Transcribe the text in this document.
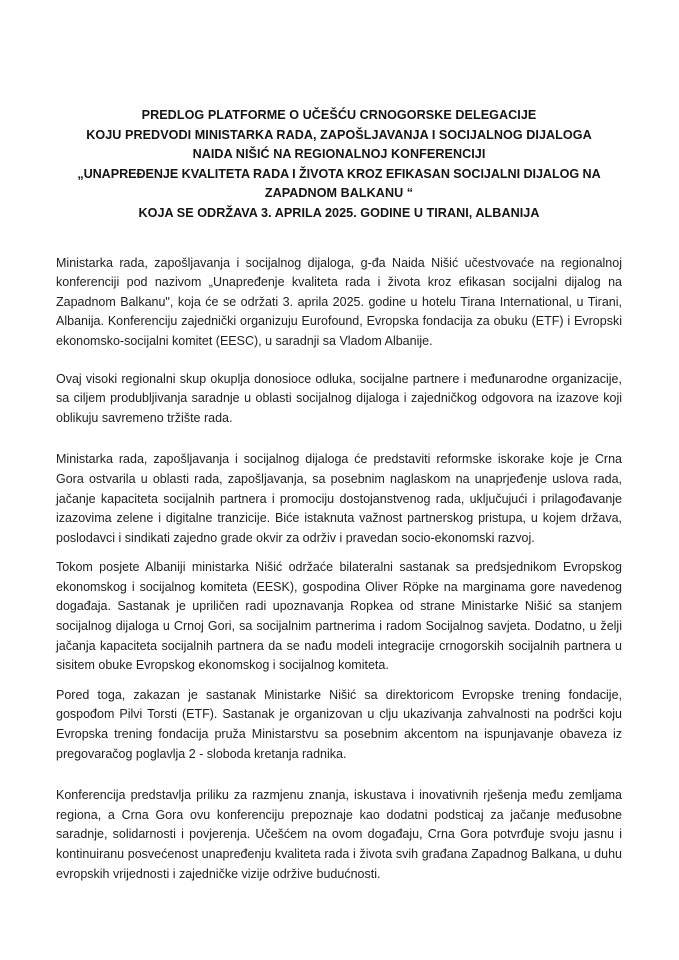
PREDLOG PLATFORME O UČEŠĆU CRNOGORSKE DELEGACIJE
KOJU PREDVODI MINISTARKA RADA, ZAPOŠLJAVANJA I SOCIJALNOG DIJALOGA
NAIDA NIŠIĆ NA REGIONALNOJ KONFERENCIJI
„UNAPREĐENJE KVALITETA RADA I ŽIVOTA KROZ EFIKASAN SOCIJALNI DIJALOG NA
ZAPADNOM BALKANU “
KOJA SE ODRŽAVA 3. APRILA 2025. GODINE U TIRANI, ALBANIJA

Ministarka rada, zapošljavanja i socijalnog dijaloga, g-đa Naida Nišić učestvovaće na regionalnoj konferenciji pod nazivom „Unapređenje kvaliteta rada i života kroz efikasan socijalni dijalog na Zapadnom Balkanu", koja će se održati 3. aprila 2025. godine u hotelu Tirana International, u Tirani, Albanija. Konferenciju zajednički organizuju Eurofound, Evropska fondacija za obuku (ETF) i Evropski ekonomsko-socijalni komitet (EESC), u saradnji sa Vladom Albanije.

Ovaj visoki regionalni skup okuplja donosioce odluka, socijalne partnere i međunarodne organizacije, sa ciljem produbljivanja saradnje u oblasti socijalnog dijaloga i zajedničkog odgovora na izazove koji oblikuju savremeno tržište rada.

Ministarka rada, zapošljavanja i socijalnog dijaloga će predstaviti reformske iskorake koje je Crna Gora ostvarila u oblasti rada, zapošljavanja, sa posebnim naglaskom na unaprjeđenje uslova rada, jačanje kapaciteta socijalnih partnera i promociju dostojanstvenog rada, uključujući i prilagođavanje izazovima zelene i digitalne tranzicije. Biće istaknuta važnost partnerskog pristupa, u kojem država, poslodavci i sindikati zajedno grade okvir za održiv i pravedan socio-ekonomski razvoj.

Tokom posjete Albaniji ministarka Nišić održaće bilateralni sastanak sa predsjednikom Evropskog ekonomskog i socijalnog komiteta (EESK), gospodina Oliver Röpke na marginama gore navedenog događaja. Sastanak je upriličen radi upoznavanja Ropkea od strane Ministarke Nišić sa stanjem socijalnog dijaloga u Crnoj Gori, sa socijalnim partnerima i radom Socijalnog savjeta. Dodatno, u želji jačanja kapaciteta socijalnih partnera da se nađu modeli integracije crnogorskih socijalnih partnera u sisitem obuke Evropskog ekonomskog i socijalnog komiteta.

Pored toga, zakazan je sastanak Ministarke Nišić sa direktoricom Evropske trening fondacije, gospođom Pilvi Torsti (ETF). Sastanak je organizovan u clju ukazivanja zahvalnosti na podršci koju Evropska trening fondacija pruža Ministarstvu sa posebnim akcentom na ispunjavanje obaveza iz pregovaračog poglavlja 2 - sloboda kretanja radnika.

Konferencija predstavlja priliku za razmjenu znanja, iskustava i inovativnih rješenja među zemljama regiona, a Crna Gora ovu konferenciju prepoznaje kao dodatni podsticaj za jačanje međusobne saradnje, solidarnosti i povjerenja. Učešćem na ovom događaju, Crna Gora potvrđuje svoju jasnu i kontinuiranu posvećenost unapređenju kvaliteta rada i života svih građana Zapadnog Balkana, u duhu evropskih vrijednosti i zajedničke vizije održive budućnosti.
